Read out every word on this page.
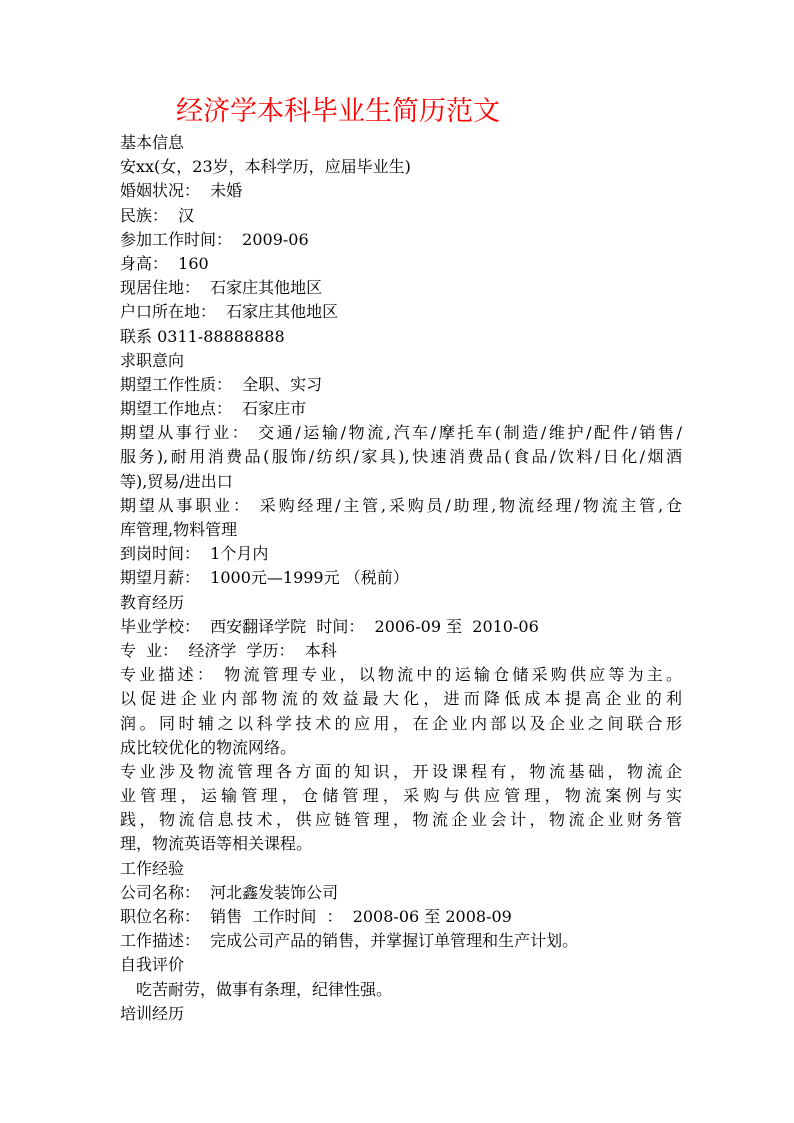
经济学本科毕业生简历范文
基本信息
安xx(女，23岁，本科学历，应届毕业生)
婚姻状况：  未婚
民族：  汉
参加工作时间：  2009-06
身高：  160
现居住地：  石家庄其他地区
户口所在地：  石家庄其他地区
联系 0311-88888888
求职意向
期望工作性质：  全职、实习
期望工作地点：  石家庄市
期望从事行业： 交通/运输/物流,汽车/摩托车(制造/维护/配件/销售/
服务),耐用消费品(服饰/纺织/家具),快速消费品(食品/饮料/日化/烟酒
等),贸易/进出口
期望从事职业： 采购经理/主管,采购员/助理,物流经理/物流主管,仓
库管理,物料管理
到岗时间：  1个月内
期望月薪：  1000元—1999元 （税前）
教育经历
毕业学校：  西安翻译学院  时间：  2006-09 至  2010-06
专  业：  经济学  学历：  本科
专业描述： 物流管理专业，以物流中的运输仓储采购供应等为主。
以促进企业内部物流的效益最大化，进而降低成本提高企业的利
润。同时辅之以科学技术的应用，在企业内部以及企业之间联合形
成比较优化的物流网络。
专业涉及物流管理各方面的知识，开设课程有，物流基础，物流企
业管理，运输管理，仓储管理，采购与供应管理，物流案例与实
践，物流信息技术，供应链管理，物流企业会计，物流企业财务管
理，物流英语等相关课程。
工作经验
公司名称：  河北鑫发装饰公司
职位名称：  销售  工作时间  ：  2008-06 至 2008-09
工作描述：  完成公司产品的销售，并掌握订单管理和生产计划。
自我评价
吃苦耐劳，做事有条理，纪律性强。
培训经历
